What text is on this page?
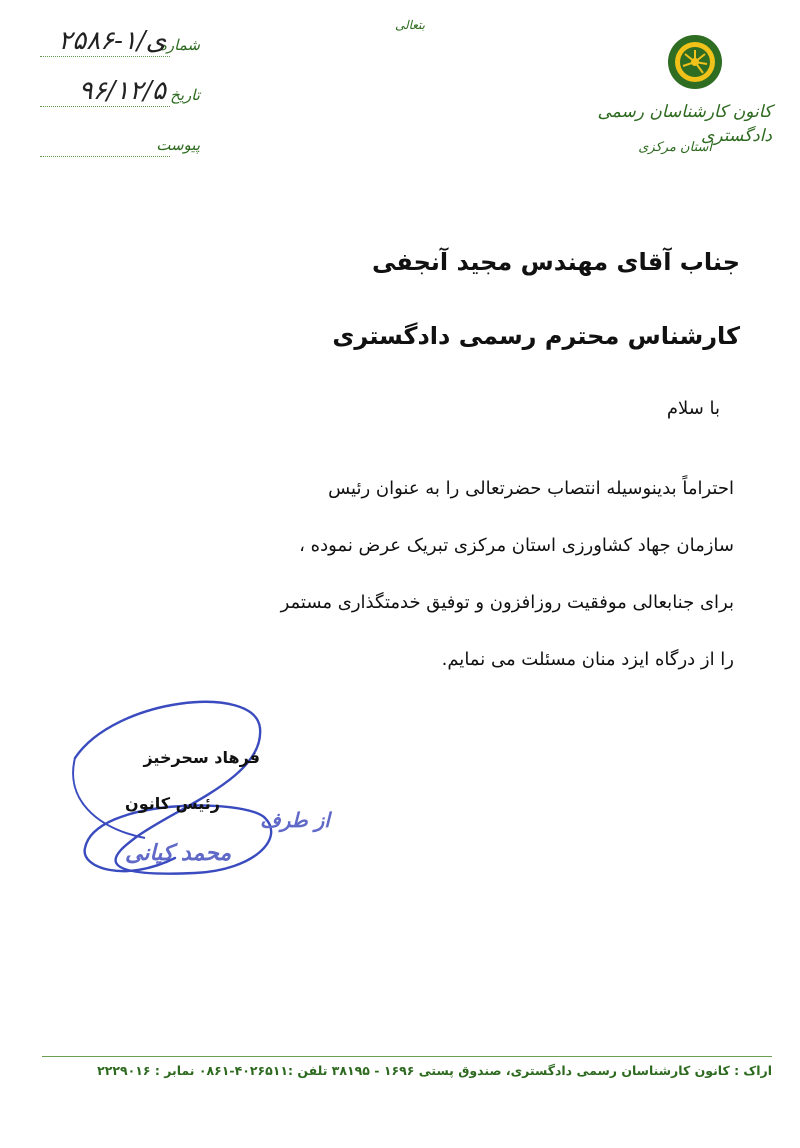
بتعالی
کانون کارشناسان رسمی دادگستری
استان مرکزی
شماره
۲۵۸۶-۱/ی
تاریخ
۹۶/۱۲/۵
پیوست
جناب آقای مهندس مجید آنجفی
کارشناس محترم رسمی دادگستری
با سلام
احتراماً بدینوسیله انتصاب حضرتعالی را به عنوان رئیس
سازمان جهاد کشاورزی استان مرکزی تبریک عرض نموده ،
برای جنابعالی موفقیت روزافزون و توفیق خدمتگذاری مستمر
را از درگاه ایزد منان مسئلت می نمایم.
فرهاد سحرخیز
رئیس کانون
از طرف
محمد کیانی
اراک : کانون کارشناسان رسمی دادگستری، صندوق پستی ۱۶۹۶ - ۳۸۱۹۵ تلفن :۴۰۲۶۵۱۱-۰۸۶۱ نمابر : ۲۲۲۹۰۱۶
